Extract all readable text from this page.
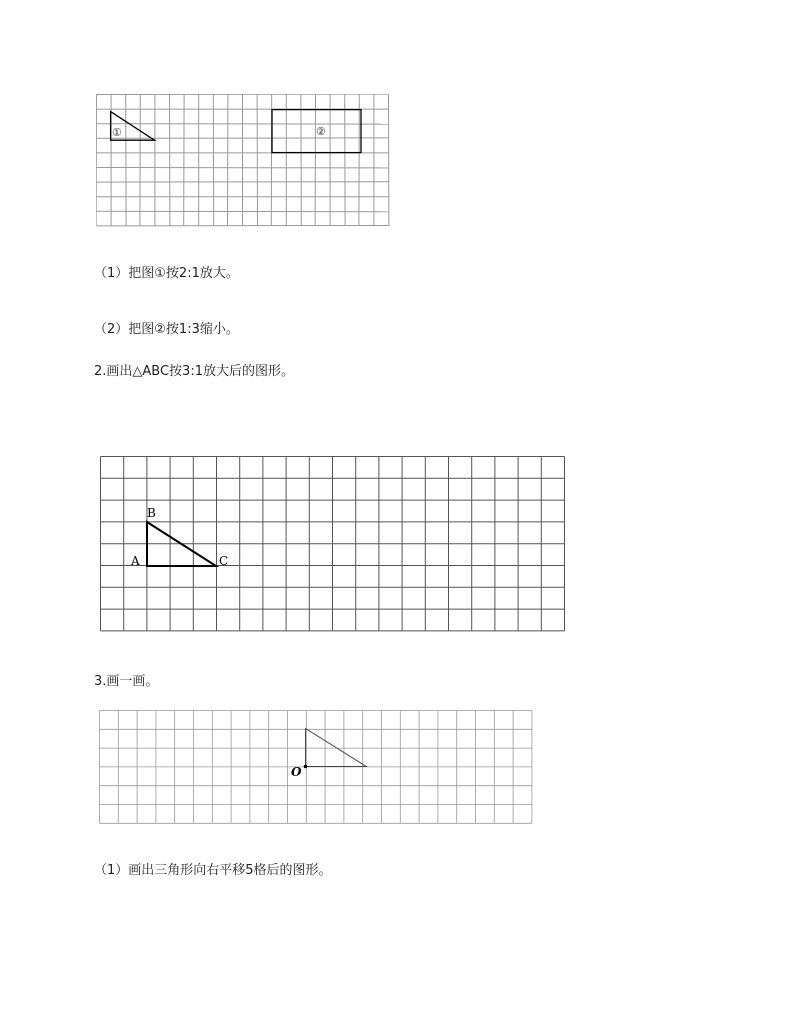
①	②
（1）把图①按2:1放大。
（2）把图②按1:3缩小。
2.画出△ABC按3:1放大后的图形。
B
A	C
3.画一画。
O
（1）画出三角形向右平移5格后的图形。
